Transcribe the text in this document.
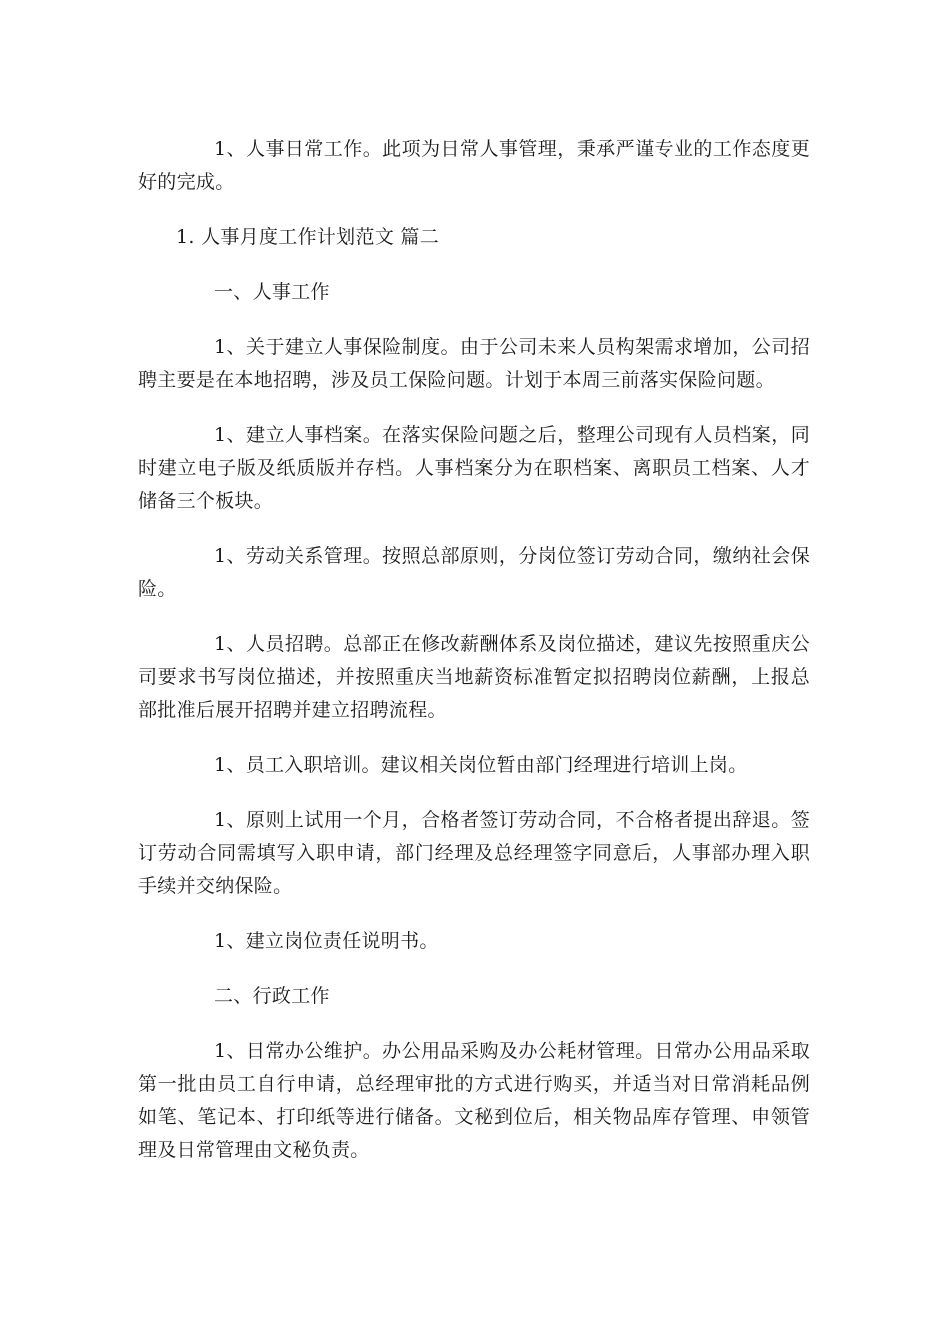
1、人事日常工作。此项为日常人事管理，秉承严谨专业的工作态度更好的完成。

1. 人事月度工作计划范文 篇二

一、人事工作

1、关于建立人事保险制度。由于公司未来人员构架需求增加，公司招聘主要是在本地招聘，涉及员工保险问题。计划于本周三前落实保险问题。

1、建立人事档案。在落实保险问题之后，整理公司现有人员档案，同时建立电子版及纸质版并存档。人事档案分为在职档案、离职员工档案、人才储备三个板块。

1、劳动关系管理。按照总部原则，分岗位签订劳动合同，缴纳社会保险。

1、人员招聘。总部正在修改薪酬体系及岗位描述，建议先按照重庆公司要求书写岗位描述，并按照重庆当地薪资标准暂定拟招聘岗位薪酬，上报总部批准后展开招聘并建立招聘流程。

1、员工入职培训。建议相关岗位暂由部门经理进行培训上岗。

1、原则上试用一个月，合格者签订劳动合同，不合格者提出辞退。签订劳动合同需填写入职申请，部门经理及总经理签字同意后，人事部办理入职手续并交纳保险。

1、建立岗位责任说明书。

二、行政工作

1、日常办公维护。办公用品采购及办公耗材管理。日常办公用品采取第一批由员工自行申请，总经理审批的方式进行购买，并适当对日常消耗品例如笔、笔记本、打印纸等进行储备。文秘到位后，相关物品库存管理、申领管理及日常管理由文秘负责。
